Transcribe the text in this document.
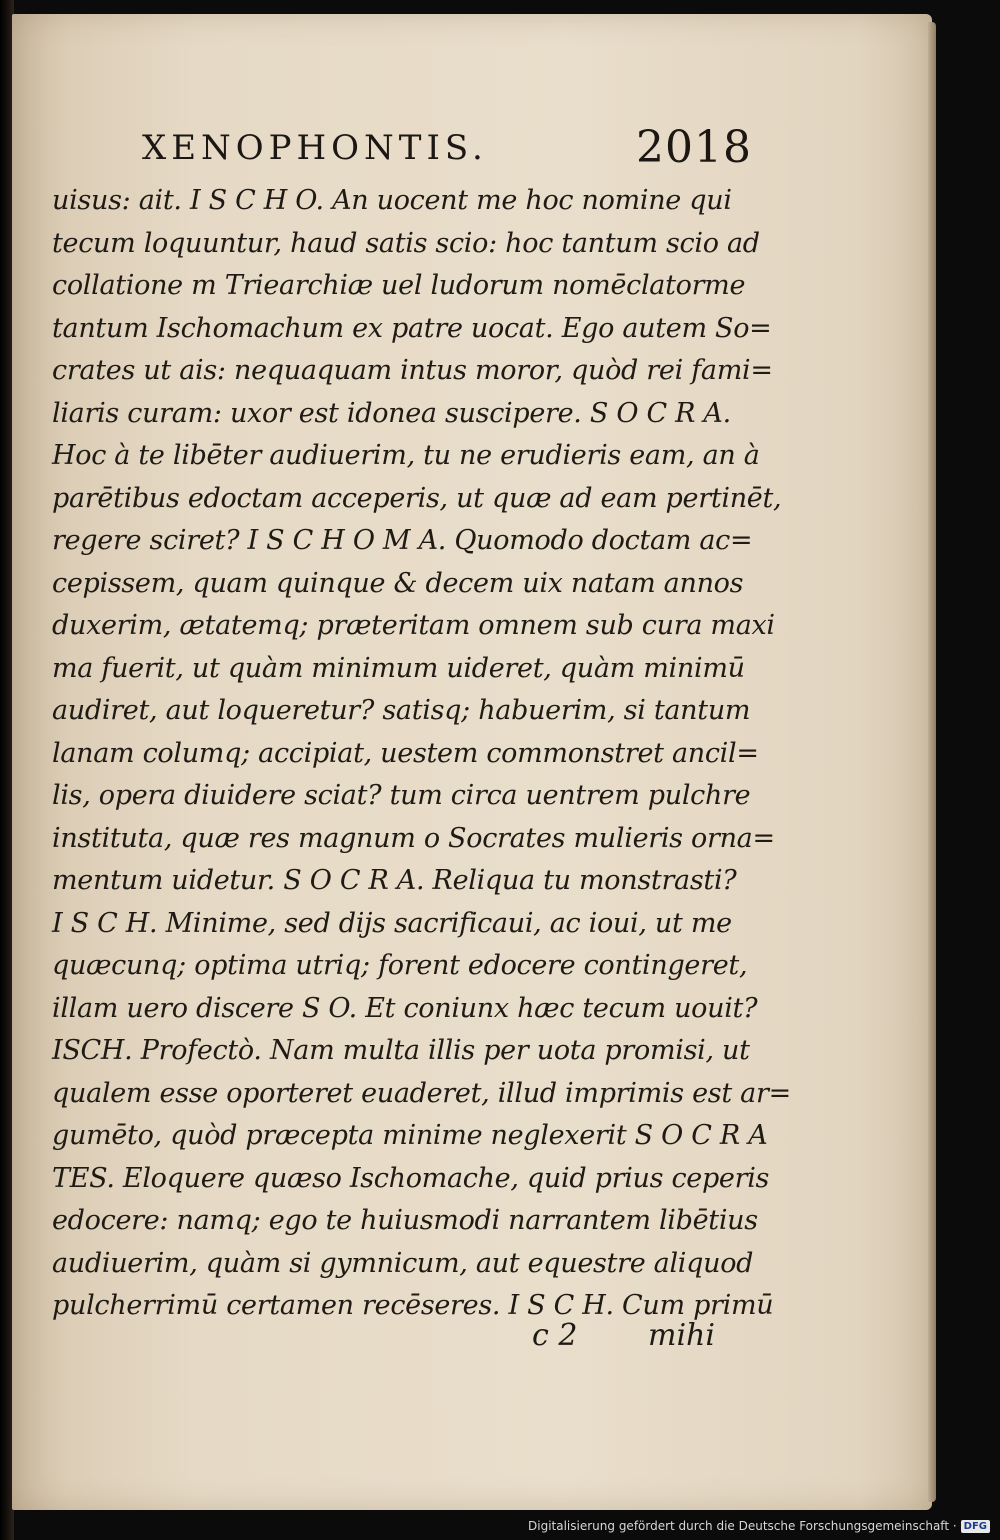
XENOPHONTIS.	2018
uisus: ait. I S C H O. An uocent me hoc nomine qui
tecum loquuntur, haud satis scio: hoc tantum scio ad
collatione m Triearchiæ uel ludorum nomēclatorme
tantum Ischomachum ex patre uocat. Ego autem So=
crates ut ais: nequaquam intus moror, quòd rei fami=
liaris curam: uxor est idonea suscipere. S O C R A.
Hoc à te libēter audiuerim, tu ne erudieris eam, an à
parētibus edoctam acceperis, ut quæ ad eam pertinēt,
regere sciret? I S C H O M A. Quomodo doctam ac=
cepissem, quam quinque & decem uix natam annos
duxerim, ætatemq; præteritam omnem sub cura maxi
ma fuerit, ut quàm minimum uideret, quàm minimū
audiret, aut loqueretur? satisq; habuerim, si tantum
lanam columq; accipiat, uestem commonstret ancil=
lis, opera diuidere sciat? tum circa uentrem pulchre
instituta, quæ res magnum o Socrates mulieris orna=
mentum uidetur. S O C R A. Reliqua tu monstrasti?
I S C H. Minime, sed dijs sacrificaui, ac ioui, ut me
quæcunq; optima utriq; forent edocere contingeret,
illam uero discere S O. Et coniunx hæc tecum uouit?
ISCH. Profectò. Nam multa illis per uota promisi, ut
qualem esse oporteret euaderet, illud imprimis est ar=
gumēto, quòd præcepta minime neglexerit S O C R A
TES. Eloquere quæso Ischomache, quid prius ceperis
edocere: namq; ego te huiusmodi narrantem libētius
audiuerim, quàm si gymnicum, aut equestre aliquod
pulcherrimū certamen recēseres. I S C H. Cum primū
c 2 mihi
Digitalisierung gefördert durch die Deutsche Forschungsgemeinschaft · DFG
